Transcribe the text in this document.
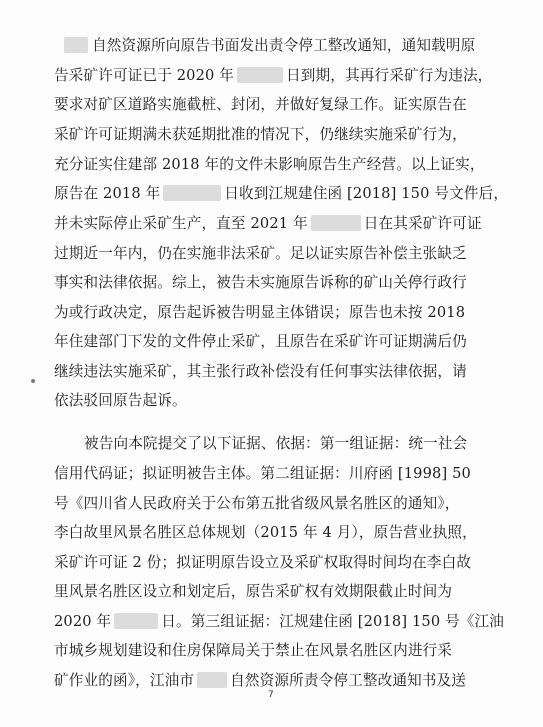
自然资源所向原告书面发出责令停工整改通知，通知载明原
告采矿许可证已于 2020 年	日到期，其再行采矿行为违法，
要求对矿区道路实施截桩、封闭，并做好复绿工作。证实原告在
采矿许可证期满未获延期批准的情况下，仍继续实施采矿行为，
充分证实住建部 2018 年的文件未影响原告生产经营。以上证实，
原告在 2018 年	日收到江规建住函 [2018] 150 号文件后，
并未实际停止采矿生产，直至 2021 年	日在其采矿许可证
过期近一年内，仍在实施非法采矿。足以证实原告补偿主张缺乏
事实和法律依据。综上，被告未实施原告诉称的矿山关停行政行
为或行政决定，原告起诉被告明显主体错误；原告也未按 2018
年住建部门下发的文件停止采矿，且原告在采矿许可证期满后仍
继续违法实施采矿，其主张行政补偿没有任何事实法律依据，请
依法驳回原告起诉。
被告向本院提交了以下证据、依据：第一组证据：统一社会
信用代码证；拟证明被告主体。第二组证据：川府函 [1998] 50
号《四川省人民政府关于公布第五批省级风景名胜区的通知》，
李白故里风景名胜区总体规划（2015 年 4 月），原告营业执照，
采矿许可证 2 份；拟证明原告设立及采矿权取得时间均在李白故
里风景名胜区设立和划定后，原告采矿权有效期限截止时间为
2020 年	日。第三组证据：江规建住函 [2018] 150 号《江油
市城乡规划建设和住房保障局关于禁止在风景名胜区内进行采
矿作业的函》，江油市 自然资源所责令停工整改通知书及送
7
